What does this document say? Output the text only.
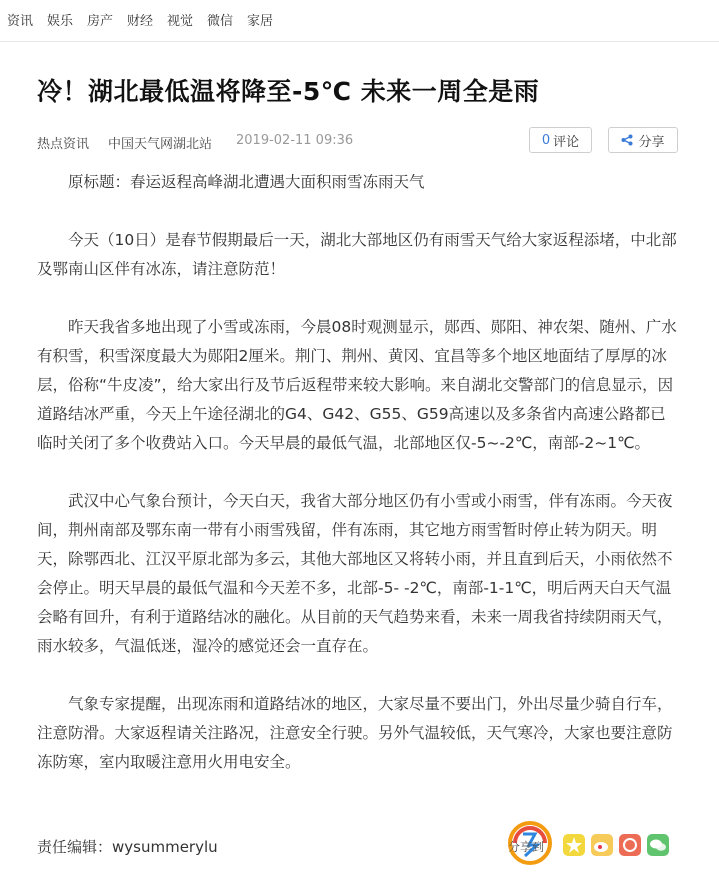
资讯 娱乐 房产 财经 视觉 微信 家居
冷！湖北最低温将降至-5℃ 未来一周全是雨
热点资讯 中国天气网湖北站 2019-02-11 09:36	0 评论	分享

原标题：春运返程高峰湖北遭遇大面积雨雪冻雨天气

今天（10日）是春节假期最后一天，湖北大部地区仍有雨雪天气给大家返程添堵，中北部及鄂南山区伴有冰冻，请注意防范！

昨天我省多地出现了小雪或冻雨，今晨08时观测显示，郧西、郧阳、神农架、随州、广水有积雪，积雪深度最大为郧阳2厘米。荆门、荆州、黄冈、宜昌等多个地区地面结了厚厚的冰层，俗称“牛皮凌”，给大家出行及节后返程带来较大影响。来自湖北交警部门的信息显示，因道路结冰严重，今天上午途径湖北的G4、G42、G55、G59高速以及多条省内高速公路都已临时关闭了多个收费站入口。今天早晨的最低气温，北部地区仅-5~-2℃，南部-2~1℃。

武汉中心气象台预计，今天白天，我省大部分地区仍有小雪或小雨雪，伴有冻雨。今天夜间，荆州南部及鄂东南一带有小雨雪残留，伴有冻雨，其它地方雨雪暂时停止转为阴天。明天，除鄂西北、江汉平原北部为多云，其他大部地区又将转小雨，并且直到后天，小雨依然不会停止。明天早晨的最低气温和今天差不多，北部-5- -2℃，南部-1-1℃，明后两天白天气温会略有回升，有利于道路结冰的融化。从目前的天气趋势来看，未来一周我省持续阴雨天气，雨水较多，气温低迷，湿冷的感觉还会一直存在。

气象专家提醒，出现冻雨和道路结冰的地区，大家尽量不要出门，外出尽量少骑自行车，注意防滑。大家返程请关注路况，注意安全行驶。另外气温较低，天气寒冷，大家也要注意防冻防寒，室内取暖注意用火用电安全。

责任编辑：wysummerylu	分享到
